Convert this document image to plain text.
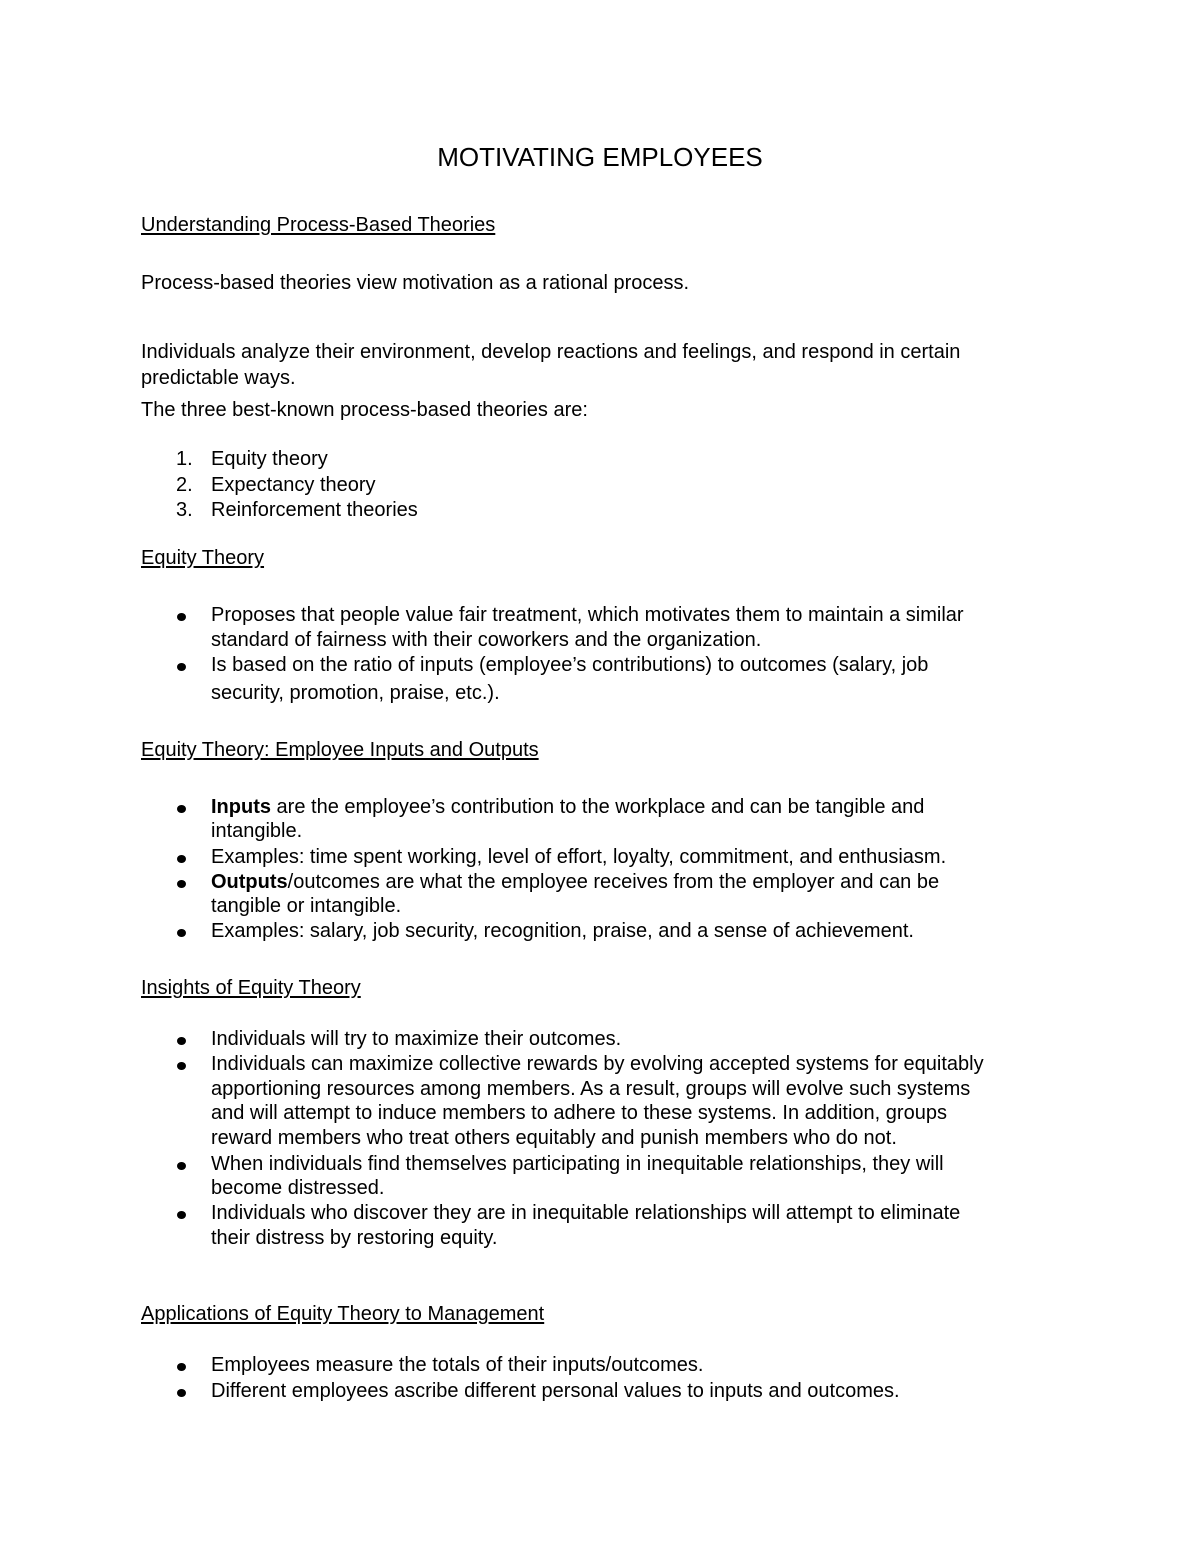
MOTIVATING EMPLOYEES
Understanding Process-Based Theories
Process-based theories view motivation as a rational process.
Individuals analyze their environment, develop reactions and feelings, and respond in certain
predictable ways.
The three best-known process-based theories are:
1. Equity theory
2. Expectancy theory
3. Reinforcement theories
Equity Theory
Proposes that people value fair treatment, which motivates them to maintain a similar
standard of fairness with their coworkers and the organization.
Is based on the ratio of inputs (employee’s contributions) to outcomes (salary, job
security, promotion, praise, etc.).
Equity Theory: Employee Inputs and Outputs
Inputs are the employee’s contribution to the workplace and can be tangible and
intangible.
Examples: time spent working, level of effort, loyalty, commitment, and enthusiasm.
Outputs/outcomes are what the employee receives from the employer and can be
tangible or intangible.
Examples: salary, job security, recognition, praise, and a sense of achievement.
Insights of Equity Theory
Individuals will try to maximize their outcomes.
Individuals can maximize collective rewards by evolving accepted systems for equitably
apportioning resources among members. As a result, groups will evolve such systems
and will attempt to induce members to adhere to these systems. In addition, groups
reward members who treat others equitably and punish members who do not.
When individuals find themselves participating in inequitable relationships, they will
become distressed.
Individuals who discover they are in inequitable relationships will attempt to eliminate
their distress by restoring equity.
Applications of Equity Theory to Management
Employees measure the totals of their inputs/outcomes.
Different employees ascribe different personal values to inputs and outcomes.
